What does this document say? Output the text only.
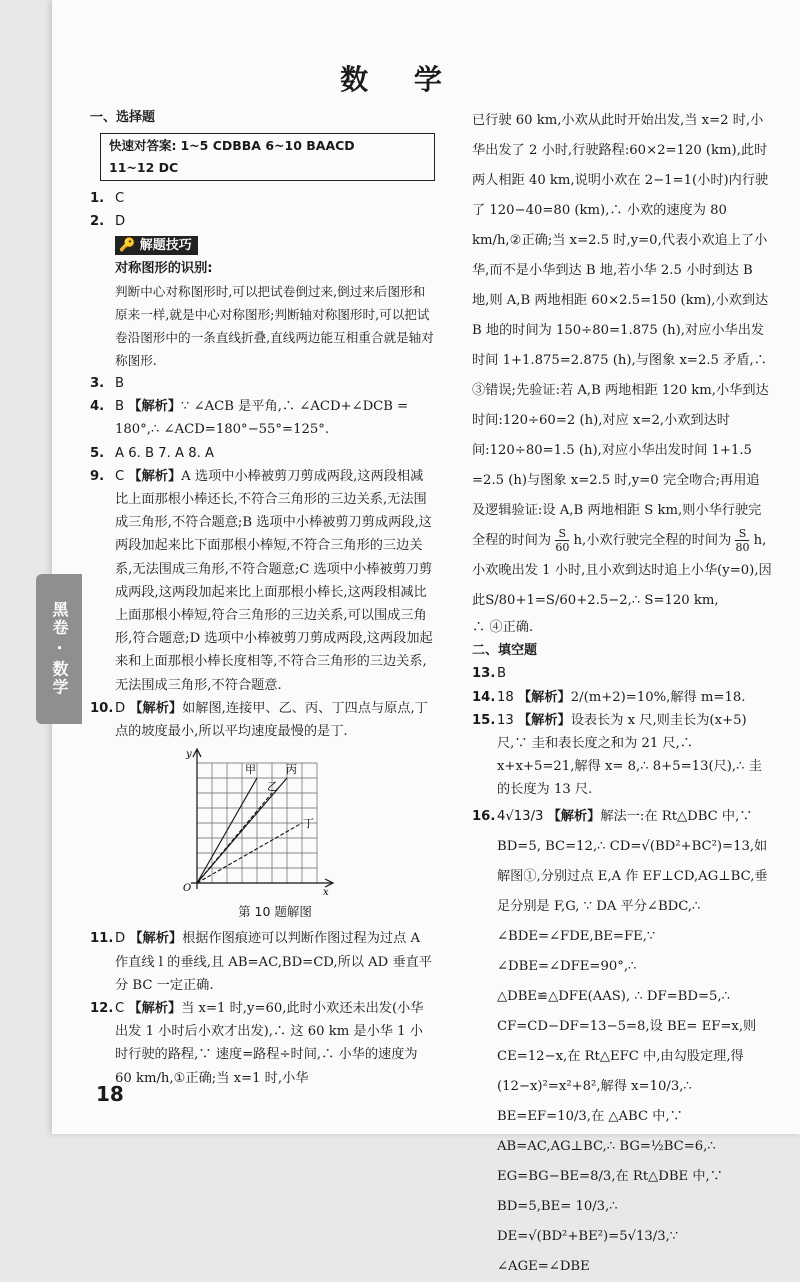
黑卷 · 数学
数 学
一、选择题
快速对答案: 1~5 CDBBA 6~10 BAACD
11~12 DC
1. C
2. D
🔑 解题技巧
对称图形的识别:
判断中心对称图形时,可以把试卷倒过来,倒过来后图形和原来一样,就是中心对称图形;判断轴对称图形时,可以把试卷沿图形中的一条直线折叠,直线两边能互相重合就是轴对称图形.
3. B
4. B 【解析】∵ ∠ACB 是平角,∴ ∠ACD+∠DCB = 180°,∴ ∠ACD=180°−55°=125°.
5. A 6. B 7. A 8. A
9. C 【解析】A 选项中小棒被剪刀剪成两段,这两段相减比上面那根小棒还长,不符合三角形的三边关系,无法围成三角形,不符合题意;B 选项中小棒被剪刀剪成两段,这两段加起来比下面那根小棒短,不符合三角形的三边关系,无法围成三角形,不符合题意;C 选项中小棒被剪刀剪成两段,这两段加起来比上面那根小棒长,这两段相减比上面那根小棒短,符合三角形的三边关系,可以围成三角形,符合题意;D 选项中小棒被剪刀剪成两段,这两段加起来和上面那根小棒长度相等,不符合三角形的三边关系,无法围成三角形,不符合题意.
10. D 【解析】如解图,连接甲、乙、丙、丁四点与原点,丁点的坡度最小,所以平均速度最慢的是丁.
y
x
O
甲
乙
丙
丁
第 10 题解图
11. D 【解析】根据作图痕迹可以判断作图过程为过点 A 作直线 l 的垂线,且 AB=AC,BD=CD,所以 AD 垂直平分 BC 一定正确.
12. C 【解析】当 x=1 时,y=60,此时小欢还未出发(小华出发 1 小时后小欢才出发),∴ 这 60 km 是小华 1 小时行驶的路程,∵ 速度=路程÷时间,∴ 小华的速度为 60 km/h,①正确;当 x=1 时,小华
已行驶 60 km,小欢从此时开始出发,当 x=2 时,小华出发了 2 小时,行驶路程:60×2=120 (km),此时两人相距 40 km,说明小欢在 2−1=1(小时)内行驶了 120−40=80 (km),∴ 小欢的速度为 80 km/h,②正确;当 x=2.5 时,y=0,代表小欢追上了小华,而不是小华到达 B 地,若小华 2.5 小时到达 B 地,则 A,B 两地相距 60×2.5=150 (km),小欢到达 B 地的时间为 150÷80=1.875 (h),对应小华出发时间 1+1.875=2.875 (h),与图象 x=2.5 矛盾,∴ ③错误;先验证:若 A,B 两地相距 120 km,小华到达时间:120÷60=2 (h),对应 x=2,小欢到达时间:120÷80=1.5 (h),对应小华出发时间 1+1.5 =2.5 (h)与图象 x=2.5 时,y=0 完全吻合;再用追及逻辑验证:设 A,B 两地相距 S km,则小华行驶完全程的时间为 $\frac{S}{60} h$,小欢行驶完全程的时间为 $\frac{S}{80} h$,小欢晚出发 1 小时,且小欢到达时追上小华(y=0),因此S/80+1=S/60+2.5−2,∴ S=120 km,
∴ ④正确.
二、填空题
13. B
14. 18 【解析】2/(m+2)=10%,解得 m=18.
15. 13 【解析】设表长为 x 尺,则圭长为(x+5)尺,∵ 圭和表长度之和为 21 尺,∴ x+x+5=21,解得 x= 8,∴ 8+5=13(尺),∴ 圭的长度为 13 尺.
16. 4√13/3 【解析】解法一:在 Rt△DBC 中,∵ BD=5, BC=12,∴ CD=√(BD²+BC²)=13,如解图①,分别过点 E,A 作 EF⊥CD,AG⊥BC,垂足分别是 F,G, ∵ DA 平分∠BDC,∴ ∠BDE=∠FDE,BE=FE,∵ ∠DBE=∠DFE=90°,∴ △DBE≌△DFE(AAS), ∴ DF=BD=5,∴ CF=CD−DF=13−5=8,设 BE= EF=x,则 CE=12−x,在 Rt△EFC 中,由勾股定理,得(12−x)²=x²+8²,解得 x=10/3,∴ BE=EF=10/3,在 △ABC 中,∵ AB=AC,AG⊥BC,∴ BG=½BC=6,∴ EG=BG−BE=8/3,在 Rt△DBE 中,∵ BD=5,BE= 10/3,∴ DE=√(BD²+BE²)=5√13/3,∵ ∠AGE=∠DBE
18
